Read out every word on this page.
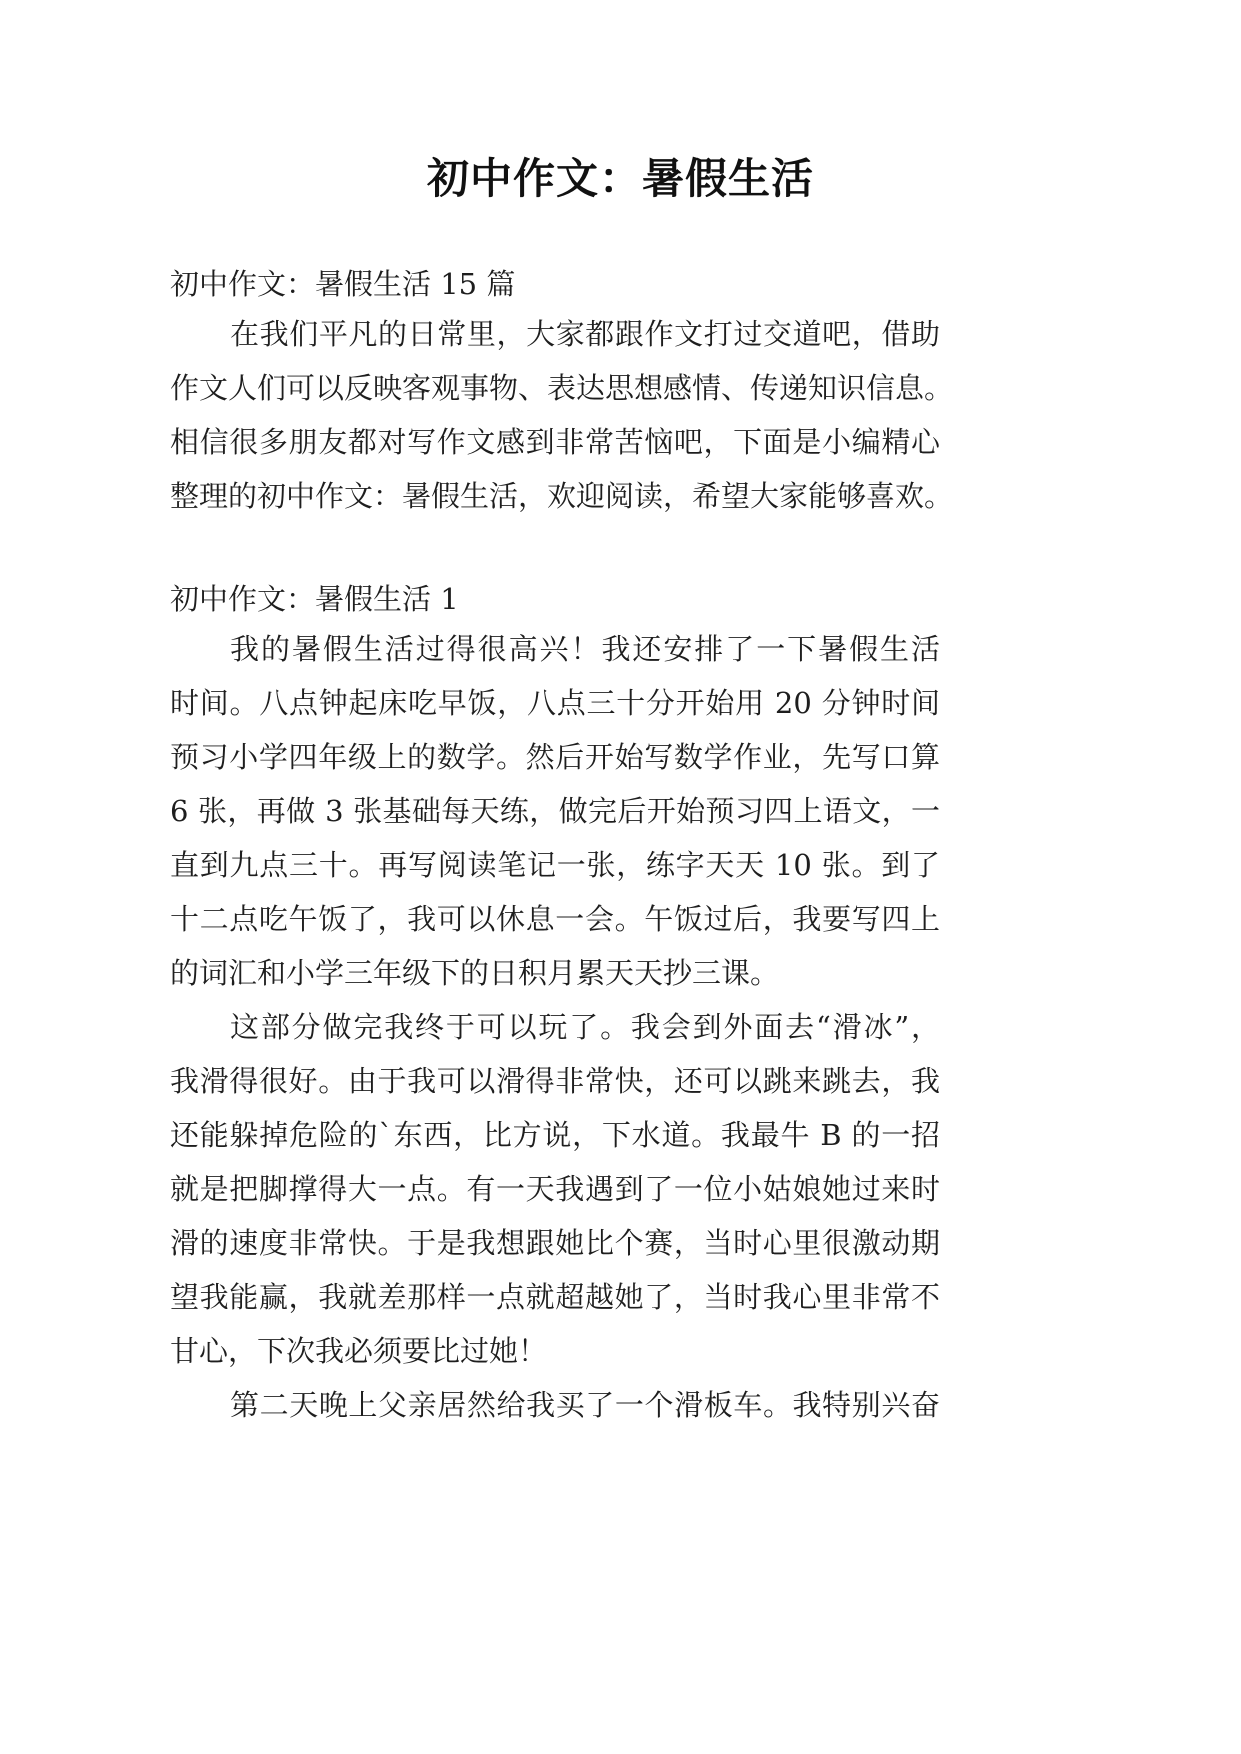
初中作文：暑假生活
初中作文：暑假生活 15 篇
在我们平凡的日常里，大家都跟作文打过交道吧，借助
作文人们可以反映客观事物、表达思想感情、传递知识信息。
相信很多朋友都对写作文感到非常苦恼吧，下面是小编精心
整理的初中作文：暑假生活，欢迎阅读，希望大家能够喜欢。
初中作文：暑假生活 1
我的暑假生活过得很高兴！我还安排了一下暑假生活
时间。八点钟起床吃早饭，八点三十分开始用 20 分钟时间
预习小学四年级上的数学。然后开始写数学作业，先写口算
6 张，再做 3 张基础每天练，做完后开始预习四上语文，一
直到九点三十。再写阅读笔记一张，练字天天 10 张。到了
十二点吃午饭了，我可以休息一会。午饭过后，我要写四上
的词汇和小学三年级下的日积月累天天抄三课。
这部分做完我终于可以玩了。我会到外面去“滑冰”，
我滑得很好。由于我可以滑得非常快，还可以跳来跳去，我
还能躲掉危险的`东西，比方说，下水道。我最牛 B 的一招
就是把脚撑得大一点。有一天我遇到了一位小姑娘她过来时
滑的速度非常快。于是我想跟她比个赛，当时心里很激动期
望我能赢，我就差那样一点就超越她了，当时我心里非常不
甘心，下次我必须要比过她！
第二天晚上父亲居然给我买了一个滑板车。我特别兴奋
